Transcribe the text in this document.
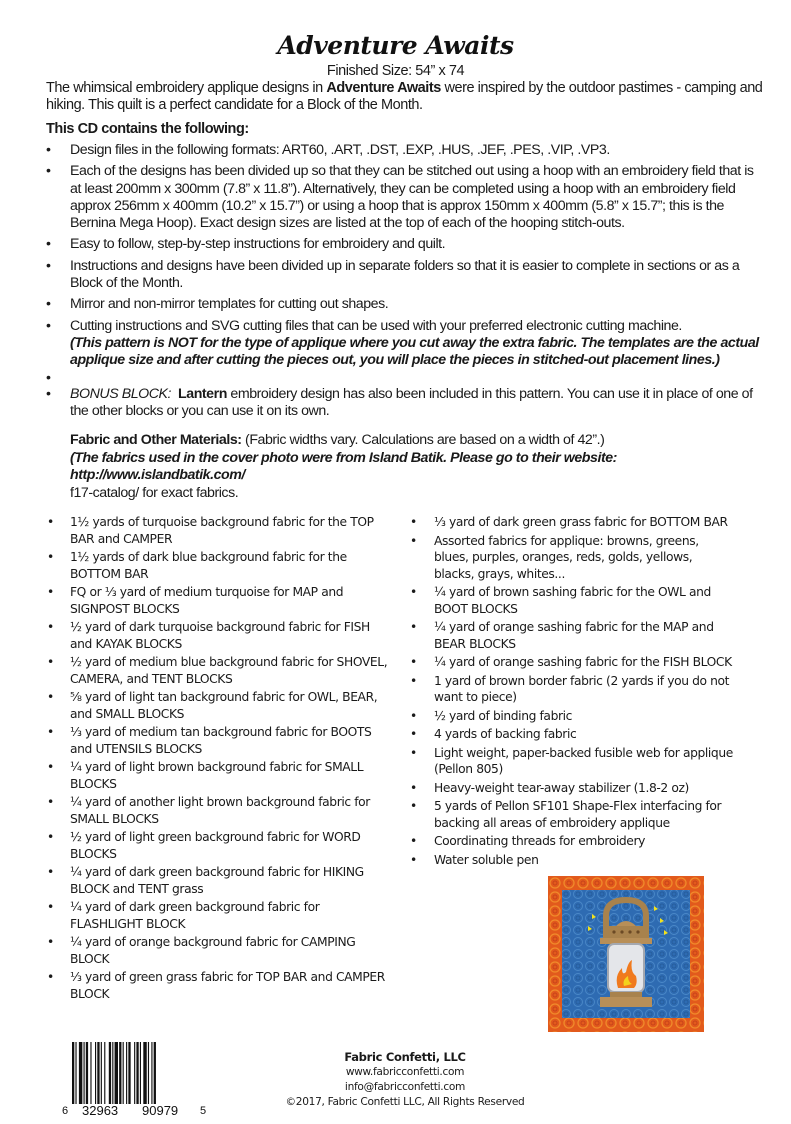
Adventure Awaits
Finished Size: 54” x 74
The whimsical embroidery applique designs in Adventure Awaits were inspired by the outdoor pastimes - camping and hiking. This quilt is a perfect candidate for a Block of the Month.
This CD contains the following:
• Design files in the following formats: ART60, .ART, .DST, .EXP, .HUS, .JEF, .PES, .VIP, .VP3.
• Each of the designs has been divided up so that they can be stitched out using a hoop with an embroidery field that is at least 200mm x 300mm (7.8” x 11.8”). Alternatively, they can be completed using a hoop with an embroidery field approx 256mm x 400mm (10.2” x 15.7”) or using a hoop that is approx 150mm x 400mm (5.8” x 15.7”; this is the Bernina Mega Hoop). Exact design sizes are listed at the top of each of the hooping stitch-outs.
• Easy to follow, step-by-step instructions for embroidery and quilt.
• Instructions and designs have been divided up in separate folders so that it is easier to complete in sections or as a Block of the Month.
• Mirror and non-mirror templates for cutting out shapes.
• Cutting instructions and SVG cutting files that can be used with your preferred electronic cutting machine.
(This pattern is NOT for the type of applique where you cut away the extra fabric. The templates are the actual applique size and after cutting the pieces out, you will place the pieces in stitched-out placement lines.)
•
• BONUS BLOCK: Lantern embroidery design has also been included in this pattern. You can use it in place of one of the other blocks or you can use it on its own.
Fabric and Other Materials: (Fabric widths vary. Calculations are based on a width of 42”.)
(The fabrics used in the cover photo were from Island Batik. Please go to their website: http://www.islandbatik.com/
f17-catalog/ for exact fabrics.
• 1½ yards of turquoise background fabric for the TOP BAR and CAMPER
• 1½ yards of dark blue background fabric for the BOTTOM BAR
• FQ or ⅓ yard of medium turquoise for MAP and SIGNPOST BLOCKS
• ½ yard of dark turquoise background fabric for FISH and KAYAK BLOCKS
• ½ yard of medium blue background fabric for SHOVEL, CAMERA, and TENT BLOCKS
• ⅝ yard of light tan background fabric for OWL, BEAR, and SMALL BLOCKS
• ⅓ yard of medium tan background fabric for BOOTS and UTENSILS BLOCKS
• ¼ yard of light brown background fabric for SMALL BLOCKS
• ¼ yard of another light brown background fabric for SMALL BLOCKS
• ½ yard of light green background fabric for WORD BLOCKS
• ¼ yard of dark green background fabric for HIKING BLOCK and TENT grass
• ¼ yard of dark green background fabric for FLASHLIGHT BLOCK
• ¼ yard of orange background fabric for CAMPING BLOCK
• ⅓ yard of green grass fabric for TOP BAR and CAMPER BLOCK
• ⅓ yard of dark green grass fabric for BOTTOM BAR
• Assorted fabrics for applique: browns, greens, blues, purples, oranges, reds, golds, yellows, blacks, grays, whites...
• ¼ yard of brown sashing fabric for the OWL and BOOT BLOCKS
• ¼ yard of orange sashing fabric for the MAP and BEAR BLOCKS
• ¼ yard of orange sashing fabric for the FISH BLOCK
• 1 yard of brown border fabric (2 yards if you do not want to piece)
• ½ yard of binding fabric
• 4 yards of backing fabric
• Light weight, paper-backed fusible web for applique (Pellon 805)
• Heavy-weight tear-away stabilizer (1.8-2 oz)
• 5 yards of Pellon SF101 Shape-Flex interfacing for backing all areas of embroidery applique
• Coordinating threads for embroidery
• Water soluble pen
6 32963 90979 5
Fabric Confetti, LLC
www.fabricconfetti.com
info@fabricconfetti.com
©2017, Fabric Confetti LLC, All Rights Reserved
